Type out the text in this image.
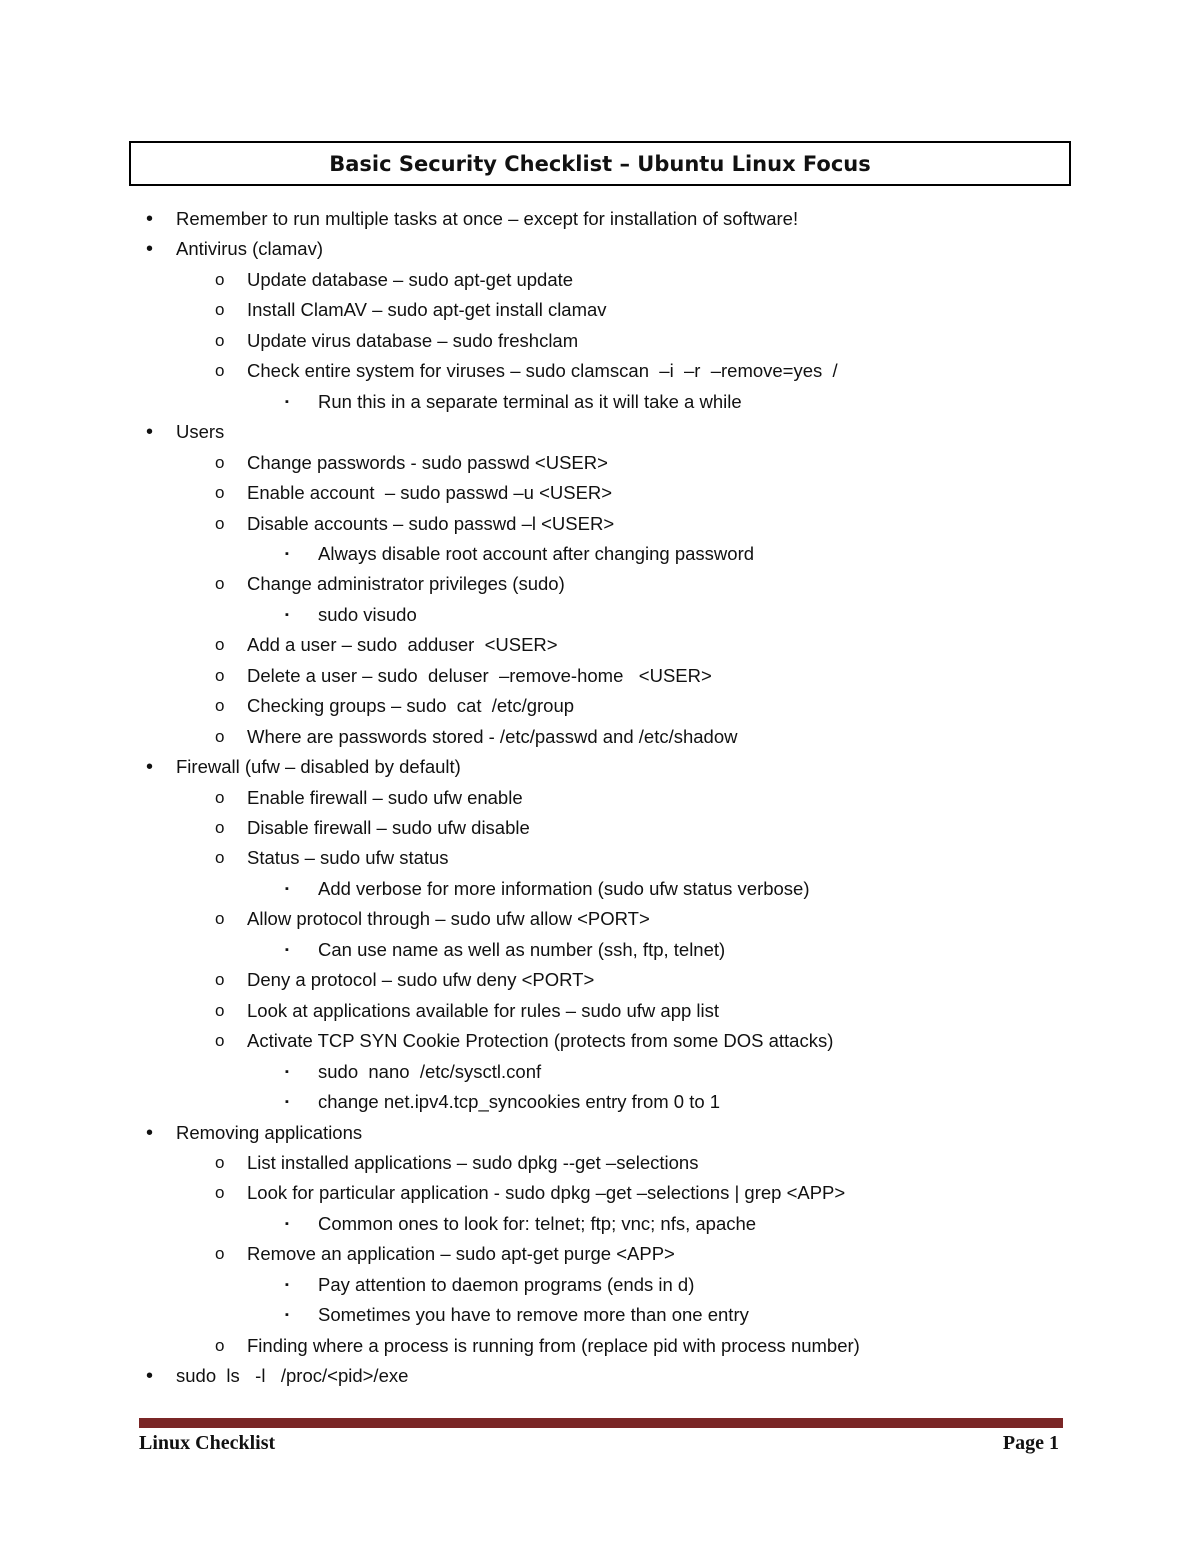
Basic Security Checklist – Ubuntu Linux Focus
• Remember to run multiple tasks at once – except for installation of software!
• Antivirus (clamav)
o Update database – sudo apt-get update
o Install ClamAV – sudo apt-get install clamav
o Update virus database – sudo freshclam
o Check entire system for viruses – sudo clamscan  –i  –r  –remove=yes  /
▪ Run this in a separate terminal as it will take a while
• Users
o Change passwords - sudo passwd <USER>
o Enable account  – sudo passwd –u <USER>
o Disable accounts – sudo passwd –l <USER>
▪ Always disable root account after changing password
o Change administrator privileges (sudo)
▪ sudo visudo
o Add a user – sudo  adduser  <USER>
o Delete a user – sudo  deluser  –remove-home   <USER>
o Checking groups – sudo  cat  /etc/group
o Where are passwords stored - /etc/passwd and /etc/shadow
• Firewall (ufw – disabled by default)
o Enable firewall – sudo ufw enable
o Disable firewall – sudo ufw disable
o Status – sudo ufw status
▪ Add verbose for more information (sudo ufw status verbose)
o Allow protocol through – sudo ufw allow <PORT>
▪ Can use name as well as number (ssh, ftp, telnet)
o Deny a protocol – sudo ufw deny <PORT>
o Look at applications available for rules – sudo ufw app list
o Activate TCP SYN Cookie Protection (protects from some DOS attacks)
▪ sudo  nano  /etc/sysctl.conf
▪ change net.ipv4.tcp_syncookies entry from 0 to 1
• Removing applications
o List installed applications – sudo dpkg --get –selections
o Look for particular application - sudo dpkg –get –selections | grep <APP>
▪ Common ones to look for: telnet; ftp; vnc; nfs, apache
o Remove an application – sudo apt-get purge <APP>
▪ Pay attention to daemon programs (ends in d)
▪ Sometimes you have to remove more than one entry
o Finding where a process is running from (replace pid with process number)
• sudo  ls   -l   /proc/<pid>/exe
Linux Checklist	Page 1
